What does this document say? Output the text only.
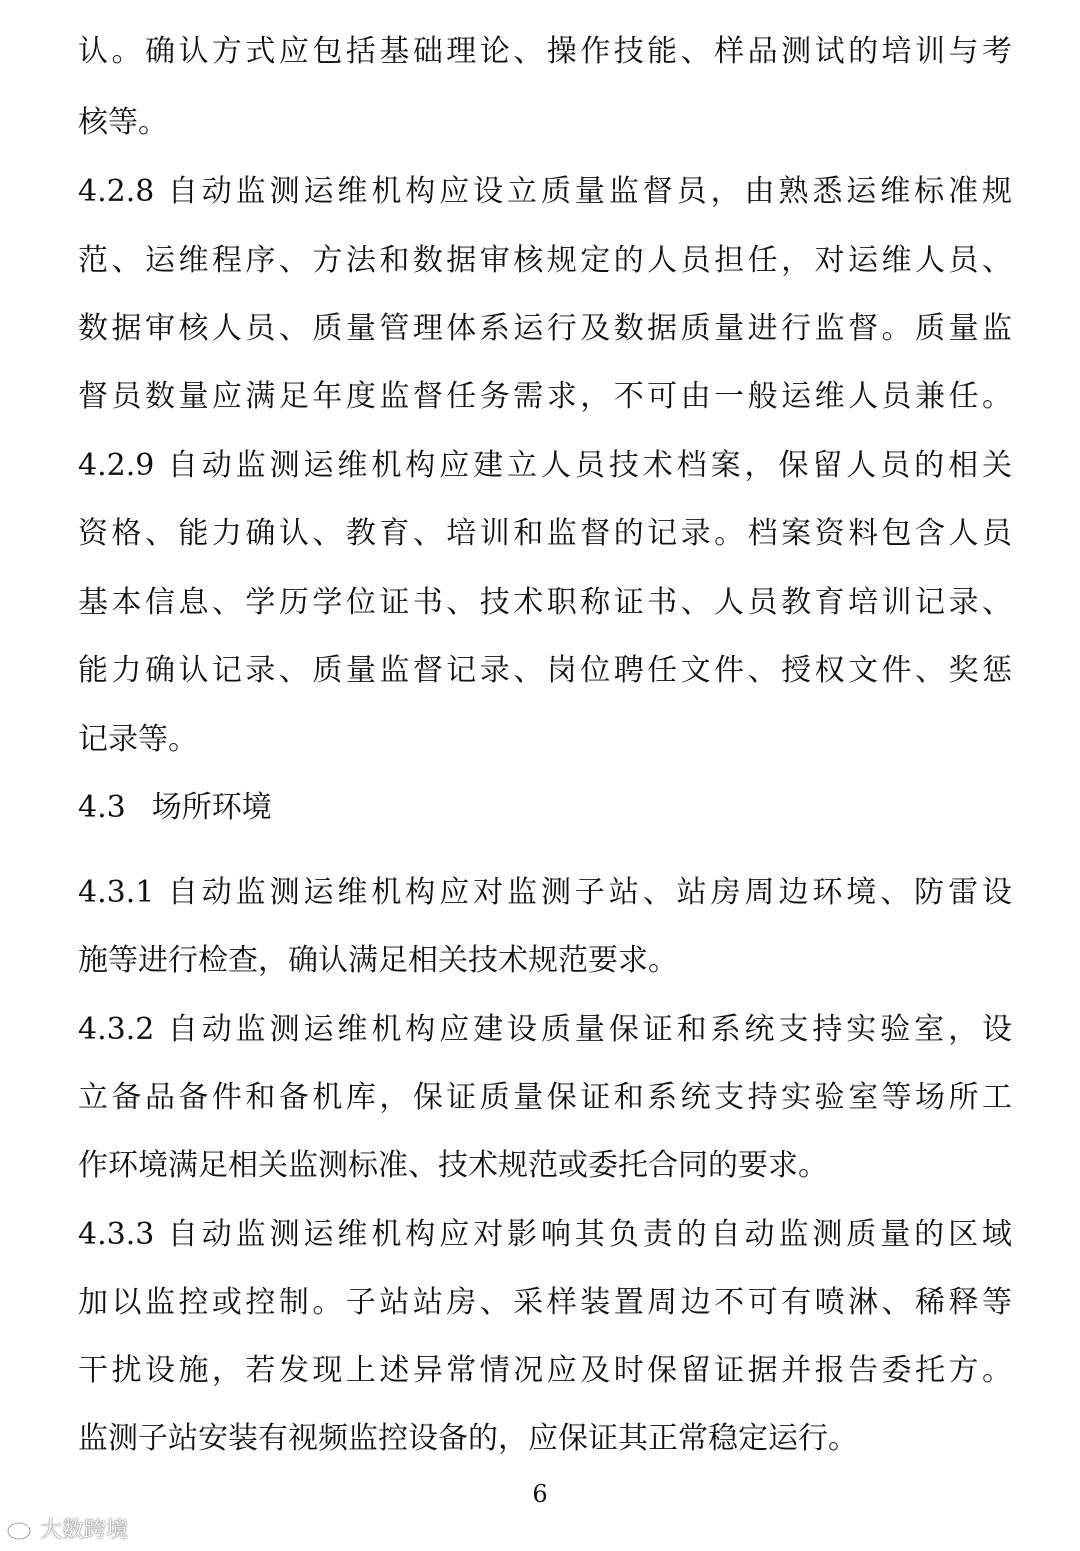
认。确认方式应包括基础理论、操作技能、样品测试的培训与考
核等。
4.2.8 自动监测运维机构应设立质量监督员，由熟悉运维标准规
范、运维程序、方法和数据审核规定的人员担任，对运维人员、
数据审核人员、质量管理体系运行及数据质量进行监督。质量监
督员数量应满足年度监督任务需求，不可由一般运维人员兼任。
4.2.9 自动监测运维机构应建立人员技术档案，保留人员的相关
资格、能力确认、教育、培训和监督的记录。档案资料包含人员
基本信息、学历学位证书、技术职称证书、人员教育培训记录、
能力确认记录、质量监督记录、岗位聘任文件、授权文件、奖惩
记录等。
4.3 场所环境
4.3.1 自动监测运维机构应对监测子站、站房周边环境、防雷设
施等进行检查，确认满足相关技术规范要求。
4.3.2 自动监测运维机构应建设质量保证和系统支持实验室，设
立备品备件和备机库，保证质量保证和系统支持实验室等场所工
作环境满足相关监测标准、技术规范或委托合同的要求。
4.3.3 自动监测运维机构应对影响其负责的自动监测质量的区域
加以监控或控制。子站站房、采样装置周边不可有喷淋、稀释等
干扰设施，若发现上述异常情况应及时保留证据并报告委托方。
监测子站安装有视频监控设备的，应保证其正常稳定运行。
6
大数跨境
